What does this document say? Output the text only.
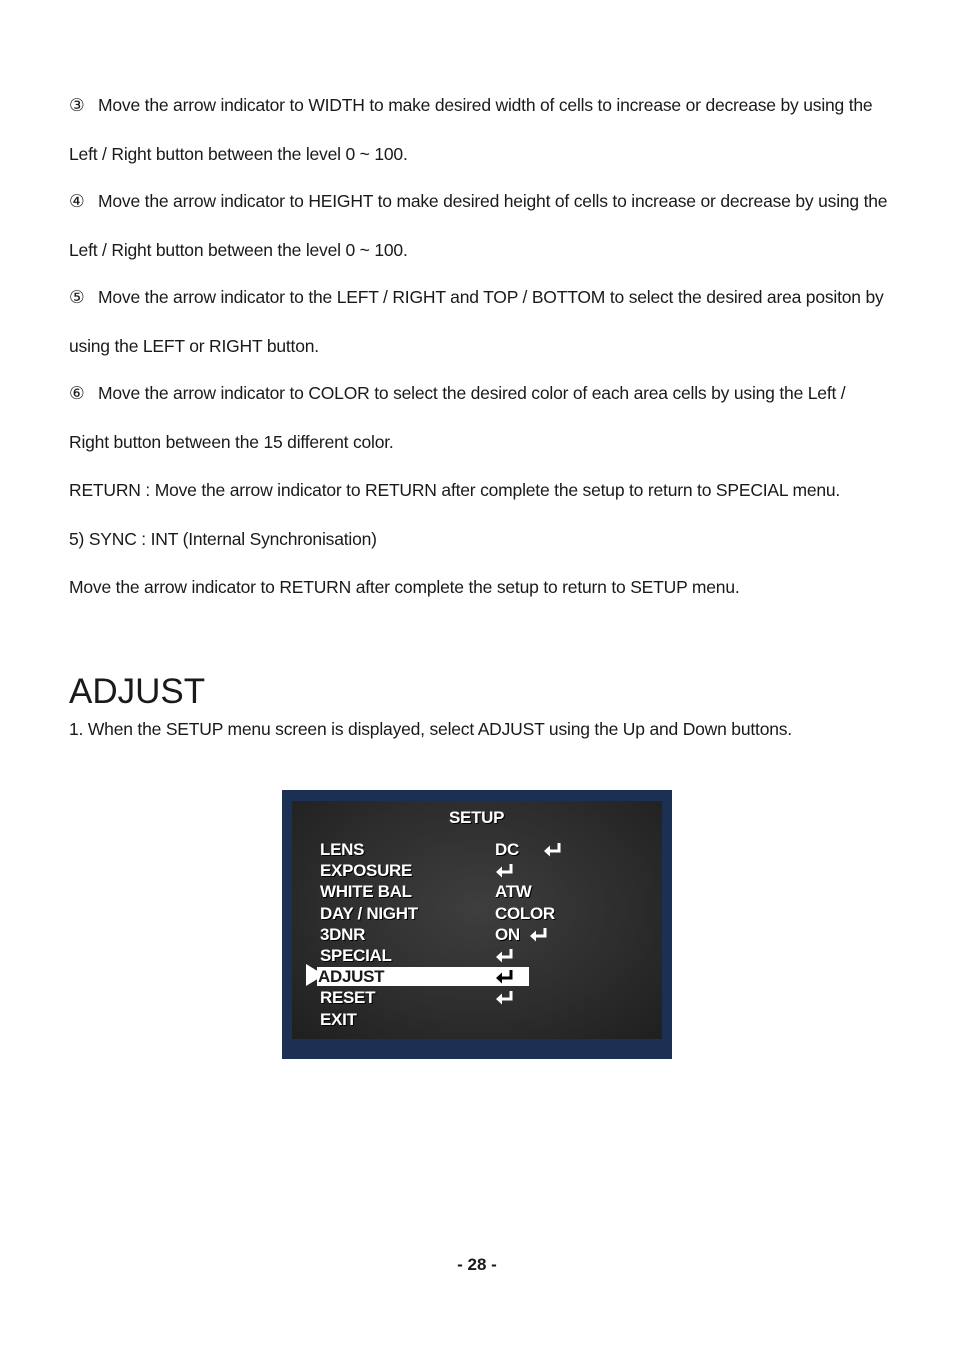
③ Move the arrow indicator to WIDTH to make desired width of cells to increase or decrease by using the

Left / Right button between the level 0 ~ 100.

④ Move the arrow indicator to HEIGHT to make desired height of cells to increase or decrease by using the

Left / Right button between the level 0 ~ 100.

⑤ Move the arrow indicator to the LEFT / RIGHT and TOP / BOTTOM to select the desired area positon by

using the LEFT or RIGHT button.

⑥ Move the arrow indicator to COLOR to select the desired color of each area cells by using the Left /

Right button between the 15 different color.

RETURN : Move the arrow indicator to RETURN after complete the setup to return to SPECIAL menu.

5) SYNC : INT (Internal Synchronisation)

Move the arrow indicator to RETURN after complete the setup to return to SETUP menu.

ADJUST

1. When the SETUP menu screen is displayed, select ADJUST using the Up and Down buttons.

SETUP
LENS	DC
EXPOSURE
WHITE BAL	ATW
DAY / NIGHT	COLOR
3DNR	ON
SPECIAL
ADJUST
RESET
EXIT
- 28 -
